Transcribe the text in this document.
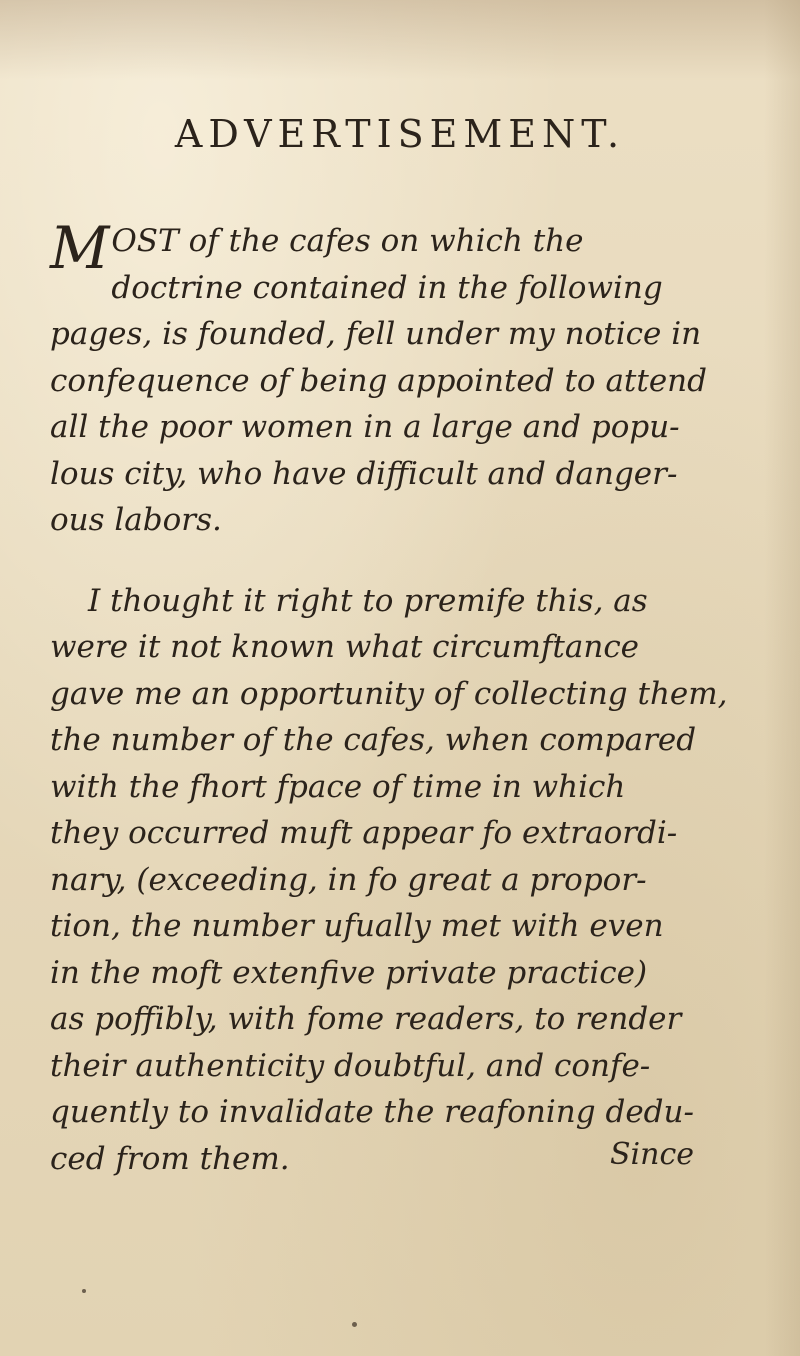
ADVERTISEMENT.
M OST of the cafes on which the
doctrine contained in the following
pages, is founded, fell under my notice in
confequence of being appointed to attend
all the poor women in a large and popu-
lous city, who have difficult and danger-
ous labors.
I thought it right to premife this, as
were it not known what circumftance
gave me an opportunity of collecting them,
the number of the cafes, when compared
with the fhort fpace of time in which
they occurred muft appear fo extraordi-
nary, (exceeding, in fo great a propor-
tion, the number ufually met with even
in the moft extenfive private practice)
as poffibly, with fome readers, to render
their authenticity doubtful, and confe-
quently to invalidate the reafoning dedu-
ced from them.	Since
